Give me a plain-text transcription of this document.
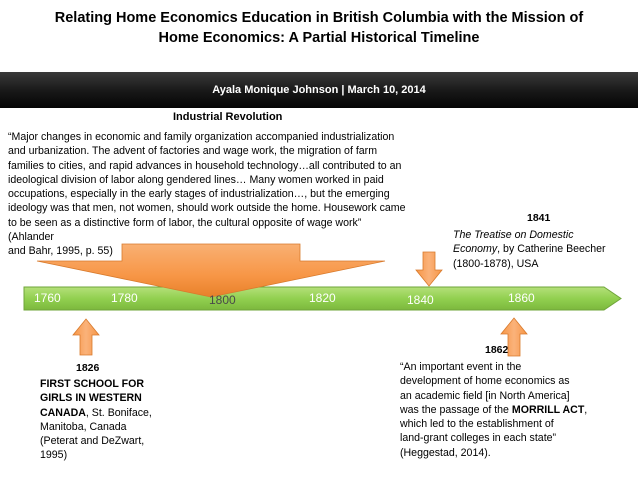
Relating Home Economics Education in British Columbia with the Mission of
Home Economics: A Partial Historical Timeline
Ayala Monique Johnson | March 10, 2014
Industrial Revolution
“Major changes in economic and family organization accompanied industrialization
and urbanization. The advent of factories and wage work, the migration of farm
families to cities, and rapid advances in household technology…all contributed to an
ideological division of labor along gendered lines… Many women worked in paid
occupations, especially in the early stages of industrialization…, but the emerging
ideology was that men, not women, should work outside the home. Housework came
to be seen as a distinctive form of labor, the cultural opposite of wage work” (Ahlander
and Bahr, 1995, p. 55)
1760	1780	1800	1820	1840	1860
1841
The Treatise on Domestic
Economy, by Catherine Beecher
(1800-1878), USA
1826
FIRST SCHOOL FOR
GIRLS IN WESTERN
CANADA, St. Boniface,
Manitoba, Canada
(Peterat and DeZwart,
1995)
1862
“An important event in the
development of home economics as
an academic field [in North America]
was the passage of the MORRILL ACT,
which led to the establishment of
land-grant colleges in each state”
(Heggestad, 2014).
